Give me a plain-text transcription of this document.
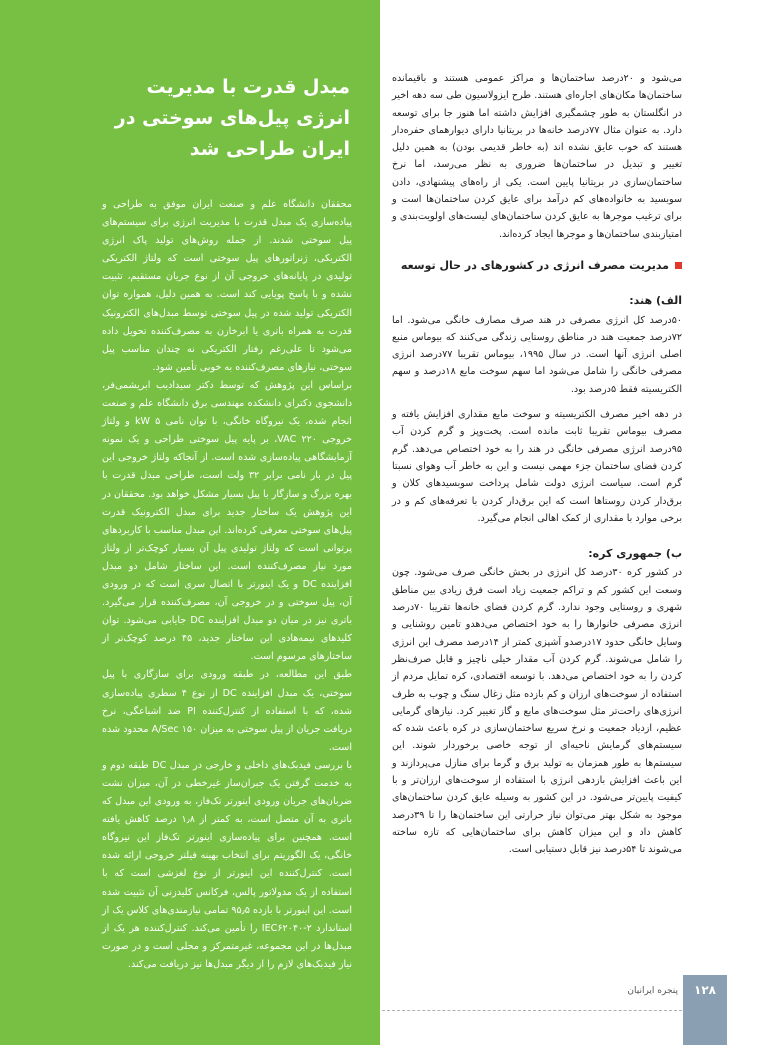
مبدل قدرت با مدیریت انرژی پیل‌های سوختی در ایران طراحی شد

محققان دانشگاه علم و صنعت ایران موفق به طراحی و پیاده‌سازی یک مبدل قدرت با مدیریت انرژی برای سیستم‌های پیل سوختی شدند. از جمله روش‌های تولید پاک انرژی الکتریکی، ژنراتورهای پیل سوختی است که ولتاژ الکتریکی تولیدی در پایانه‌های خروجی آن از نوع جریان مستقیم، تثبیت نشده و با پاسخ پویایی کند است. به همین دلیل، همواره توان الکتریکی تولید شده در پیل سوختی توسط مبدل‌های الکترونیک قدرت به همراه باتری یا ابرخازن به مصرف‌کننده تحویل داده می‌شود تا علی‌رغم رفتار الکتریکی نه چندان مناسب پیل سوختی، نیازهای مصرف‌کننده به خوبی تأمین شود.

براساس این پژوهش که توسط دکتر سیدادیب ابریشمی‌فر، دانشجوی دکترای دانشکده مهندسی برق دانشگاه علم و صنعت انجام شده، یک نیروگاه خانگی، با توان نامی ۵ kW و ولتاژ خروجی ۲۲۰ VAC، بر پایه پیل سوختی طراحی و یک نمونه آزمایشگاهی پیاده‌سازی شده است. از آنجاکه ولتاژ خروجی این پیل در بار نامی برابر ۳۲ ولت است، طراحی مبدل قدرت با بهره بزرگ و سازگار با پیل بسیار مشکل خواهد بود. محققان در این پژوهش یک ساختار جدید برای مبدل الکترونیک قدرت پیل‌های سوختی معرفی کرده‌اند. این مبدل مناسب با کاربردهای پرتوانی است که ولتاژ تولیدی پیل آن بسیار کوچک‌تر از ولتاژ مورد نیاز مصرف‌کننده است. این ساختار شامل دو مبدل افزاینده DC و یک اینورتر با اتصال سری است که در ورودی آن، پیل سوختی و در خروجی آن، مصرف‌کننده قرار می‌گیرد. باتری نیز در میان دو مبدل افزاینده DC جایابی می‌شود. توان کلیدهای نیمه‌هادی این ساختار جدید، ۴۵ درصد کوچک‌تر از ساختارهای مرسوم است.

طبق این مطالعه، در طبقه ورودی برای سازگاری با پیل سوختی، یک مبدل افزاینده DC از نوع ۴ سطری پیاده‌سازی شده، که با استفاده از کنترل‌کننده PI ضد اشباعگی، نرخ دریافت جریان از پیل سوختی به میزان ۱۵۰ A/Sec محدود شده است.

با بررسی فیدبک‌های داخلی و خارجی در مبدل DC طبقه دوم و به خدمت گرفتن یک جبران‌ساز غیرخطی در آن، میزان نشت ضربان‌های جریان ورودی اینورتر تک‌فاز، به ورودی این مبدل که باتری به آن متصل است، به کمتر از ۱٫۸ درصد کاهش یافته است. همچنین برای پیاده‌سازی اینورتر تک‌فاز این نیروگاه خانگی، یک الگوریتم برای انتخاب بهینه فیلتر خروجی ارائه شده است. کنترل‌کننده این اینورتر از نوع لغزشی است که با استفاده از یک مدولاتور پالس، فرکانس کلیدزنی آن تثبیت شده است. این اینورتر با بازده ۹۵٫۵ تمامی نیازمندی‌های کلاس یک از استاندارد IEC۶۲۰۴۰-۲ را تأمین می‌کند. کنترل‌کننده هر یک از مبدل‌ها در این مجموعه، غیرمتمرکز و محلی است و در صورت نیاز فیدبک‌های لازم را از دیگر مبدل‌ها نیز دریافت می‌کند.

می‌شود و ۲۰درصد ساختمان‌ها و مراکز عمومی هستند و باقیمانده ساختمان‌ها مکان‌های اجاره‌ای هستند. طرح ایزولاسیون طی سه دهه اخیر در انگلستان به طور چشمگیری افزایش داشته اما هنوز جا برای توسعه دارد. به عنوان مثال ۷۷درصد خانه‌ها در بریتانیا دارای دیوارهمای حفره‌دار هستند که خوب عایق نشده اند (به خاطر قدیمی بودن) به همین دلیل تغییر و تبدیل در ساختمان‌ها ضروری به نظر می‌رسد، اما نرخ ساختمان‌سازی در بریتانیا پایین است. یکی از راه‌های پیشنهادی، دادن سوبسید به خانواده‌های کم درآمد برای عایق کردن ساختمان‌ها است و برای ترغیب موجرها به عایق کردن ساختمان‌های لیست‌های اولویت‌بندی و امتیازبندی ساختمان‌ها و موجرها ایجاد کرده‌اند.

مدیریت مصرف انرژی در کشورهای در حال توسعه
الف) هند:

۵۰درصد کل انرژی مصرفی در هند صرف مصارف خانگی می‌شود. اما ۷۲درصد جمعیت هند در مناطق روستایی زندگی می‌کنند که بیوماس منبع اصلی انرژی آنها است. در سال ۱۹۹۵، بیوماس تقریبا ۷۷درصد انرژی مصرفی خانگی را شامل می‌شود اما سهم سوخت مایع ۱۸درصد و سهم الکتریسیته فقط ۵درصد بود.

در دهه اخیر مصرف الکتریسیته و سوخت مایع مقداری افزایش یافته و مصرف بیوماس تقریبا ثابت مانده است. پخت‌وپز و گرم کردن آب ۹۵درصد انرژی مصرفی خانگی در هند را به خود اختصاص می‌دهد. گرم کردن فضای ساختمان جزء مهمی نیست و این به خاطر آب وهوای نسبتا گرم است. سیاست انرژی دولت شامل پرداخت سوبسیدهای کلان و برق‌دار کردن روستاها است که این برق‌دار کردن با تعرفه‌های کم و در برخی موارد با مقداری از کمک اهالی انجام می‌گیرد.

ب) جمهوری کره:

در کشور کره ۳۰درصد کل انرژی در بخش خانگی صرف می‌شود. چون وسعت این کشور کم و تراکم جمعیت زیاد است فرق زیادی بین مناطق شهری و روستایی وجود ندارد. گرم کردن فضای خانه‌ها تقریبا ۷۰درصد انرژی مصرفی خانوارها را به خود اختصاص می‌دهدو تامین روشنایی و وسایل خانگی حدود ۱۷درصدو آشپزی کمتر از ۱۴درصد مصرف این انرژی را شامل می‌شوند. گرم کردن آب مقدار خیلی ناچیز و قابل صرف‌نظر کردن را به خود اختصاص می‌دهد. با توسعه اقتصادی، کره تمایل مردم از استفاده از سوخت‌های ارزان و کم بازده مثل زغال سنگ و چوب به طرف انرژی‌های راحت‌تر مثل سوخت‌های مایع و گاز تغییر کرد. نیازهای گرمایی عظیم، ازدیاد جمعیت و نرخ سریع ساختمان‌سازی در کره باعث شده که سیستم‌های گرمایش ناحیه‌ای از توجه خاصی برخوردار شوند. این سیستم‌ها به طور همزمان به تولید برق و گرما برای منازل می‌پردازند و این باعث افزایش بازدهی انرژی با استفاده از سوخت‌های ارزان‌تر و با کیفیت پایین‌تر می‌شود. در این کشور به وسیله عایق کردن ساختمان‌های موجود به شکل بهتر می‌توان نیاز حرارتی این ساختمان‌ها را تا ۳۹درصد کاهش داد و این میزان کاهش برای ساختمان‌هایی که تازه ساخته می‌شوند تا ۵۴درصد نیز قابل دستیابی است.

۱۲۸
پنجره ایرانیان
